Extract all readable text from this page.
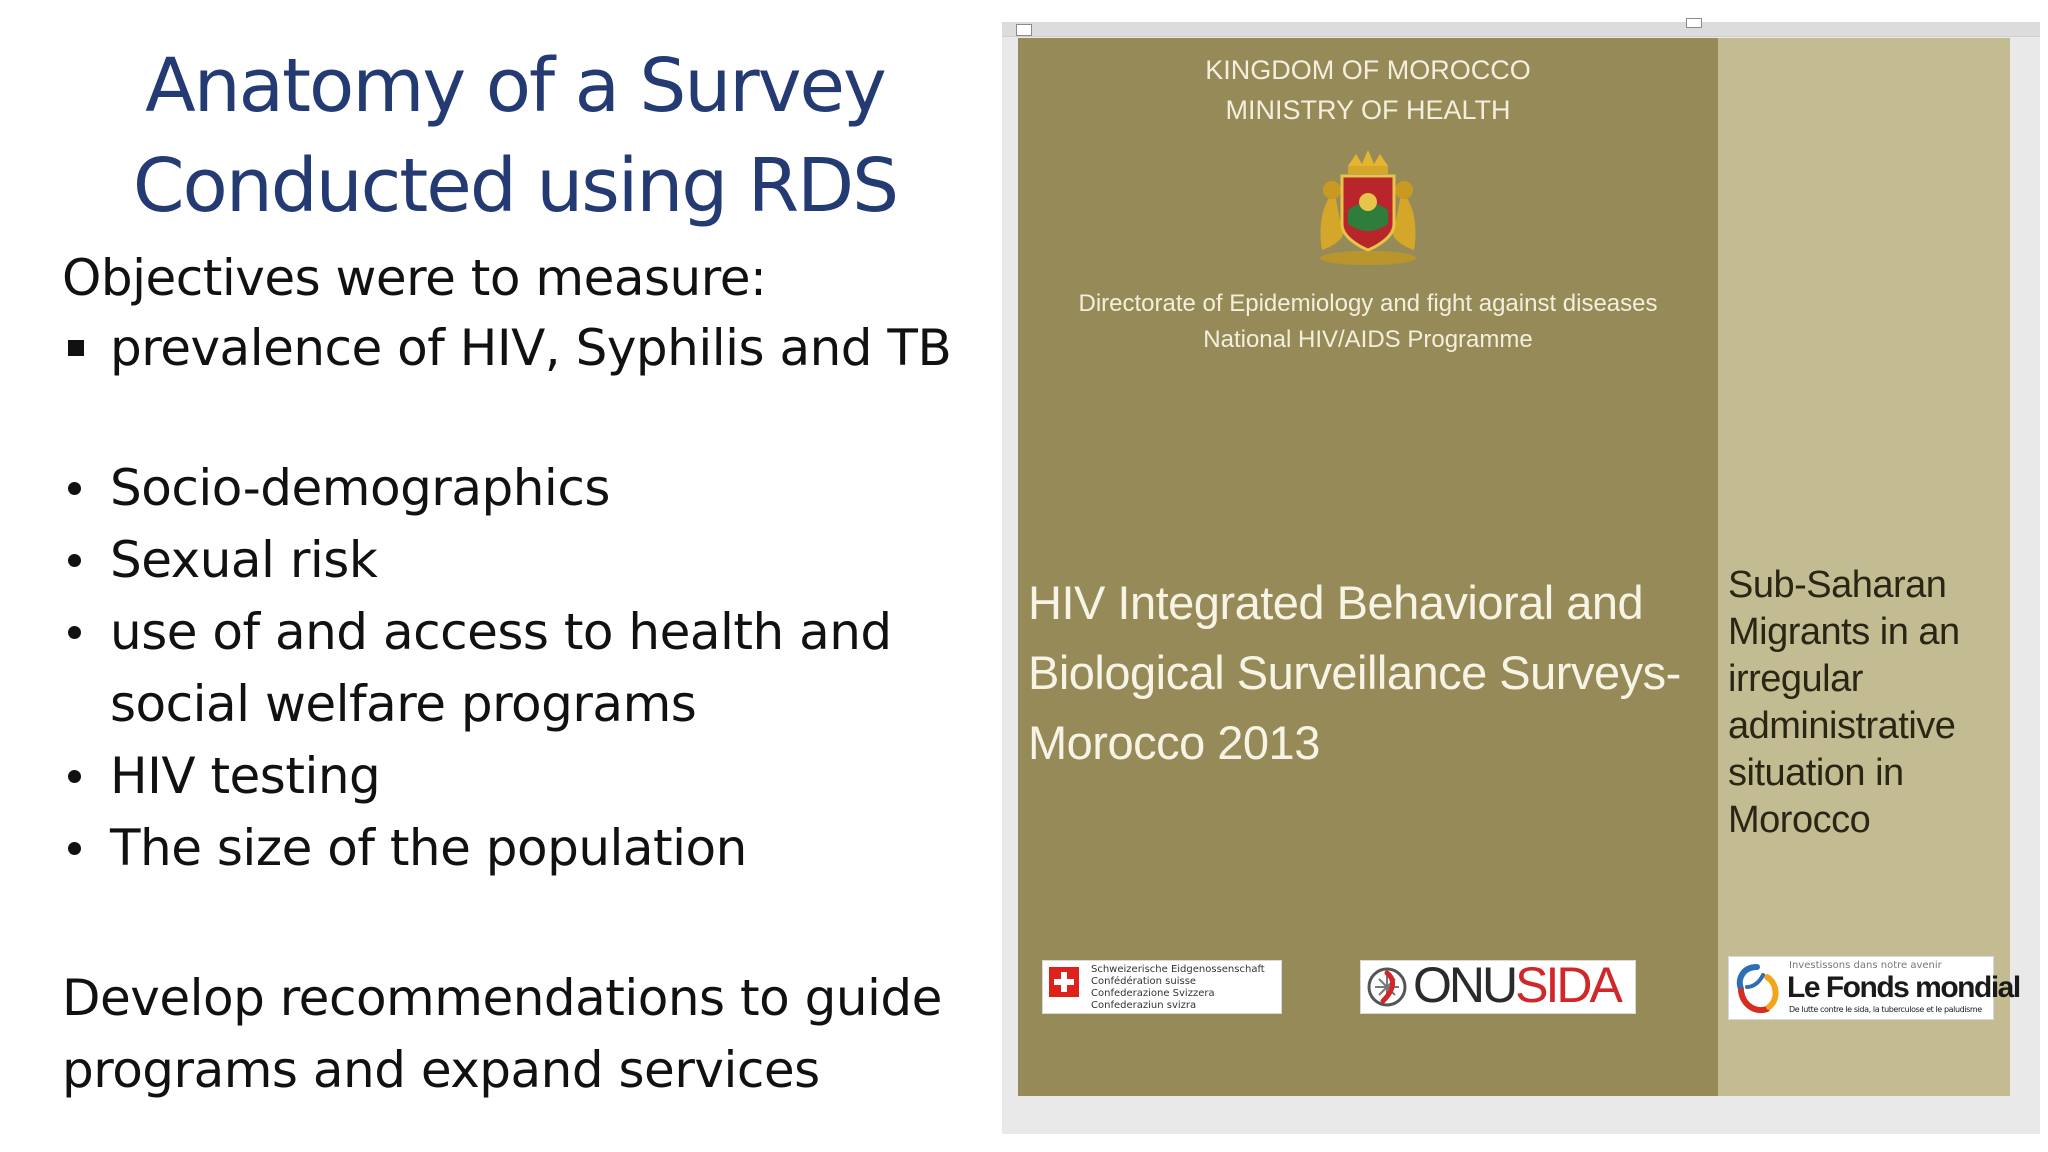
Anatomy of a Survey
Conducted using RDS
Objectives were to measure:
prevalence of HIV, Syphilis and TB
Socio-demographics
Sexual risk
use of and access to health and
social welfare programs
HIV testing
The size of the population
Develop recommendations to guide
programs and expand services
KINGDOM OF MOROCCO
MINISTRY OF HEALTH
Directorate of Epidemiology and fight against diseases
National HIV/AIDS Programme
HIV Integrated Behavioral and
Biological Surveillance Surveys-
Morocco 2013
Schweizerische Eidgenossenschaft
Confédération suisse
Confederazione Svizzera
Confederaziun svizra	ONUSIDA
Sub-Saharan
Migrants in an
irregular
administrative
situation in
Morocco
Investissons dans notre avenir
Le Fonds mondial
De lutte contre le sida, la tuberculose et le paludisme
